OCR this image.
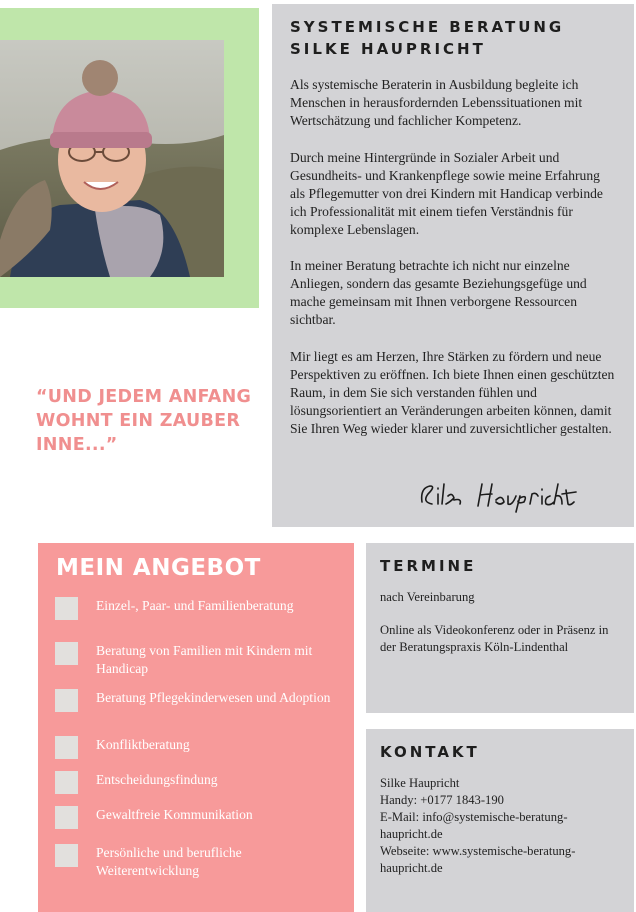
SYSTEMISCHE BERATUNG
SILKE HAUPRICHT

Als systemische Beraterin in Ausbildung begleite ich Menschen in herausfordernden Lebenssituationen mit Wertschätzung und fachlicher Kompetenz.

Durch meine Hintergründe in Sozialer Arbeit und Gesundheits- und Krankenpflege sowie meine Erfahrung als Pflegemutter von drei Kindern mit Handicap verbinde ich Professionalität mit einem tiefen Verständnis für komplexe Lebenslagen.

In meiner Beratung betrachte ich nicht nur einzelne Anliegen, sondern das gesamte Beziehungsgefüge und mache gemeinsam mit Ihnen verborgene Ressourcen sichtbar.

Mir liegt es am Herzen, Ihre Stärken zu fördern und neue Perspektiven zu eröffnen. Ich biete Ihnen einen geschützten Raum, in dem Sie sich verstanden fühlen und lösungsorientiert an Veränderungen arbeiten können, damit Sie Ihren Weg wieder klarer und zuversichtlicher gestalten.

“UND JEDEM ANFANG WOHNT EIN ZAUBER INNE...”
MEIN ANGEBOT
Einzel-, Paar- und Familienberatung
Beratung von Familien mit Kindern mit Handicap
Beratung Pflegekinderwesen und Adoption
Konfliktberatung
Entscheidungsfindung
Gewaltfreie Kommunikation
Persönliche und berufliche Weiterentwicklung
TERMINE

nach Vereinbarung

Online als Videokonferenz oder in Präsenz in der Beratungspraxis Köln-Lindenthal

KONTAKT

Silke Haupricht

Handy: +0177 1843-190

E-Mail: info@systemische-beratung-haupricht.de

Webseite: www.systemische-beratung-haupricht.de
